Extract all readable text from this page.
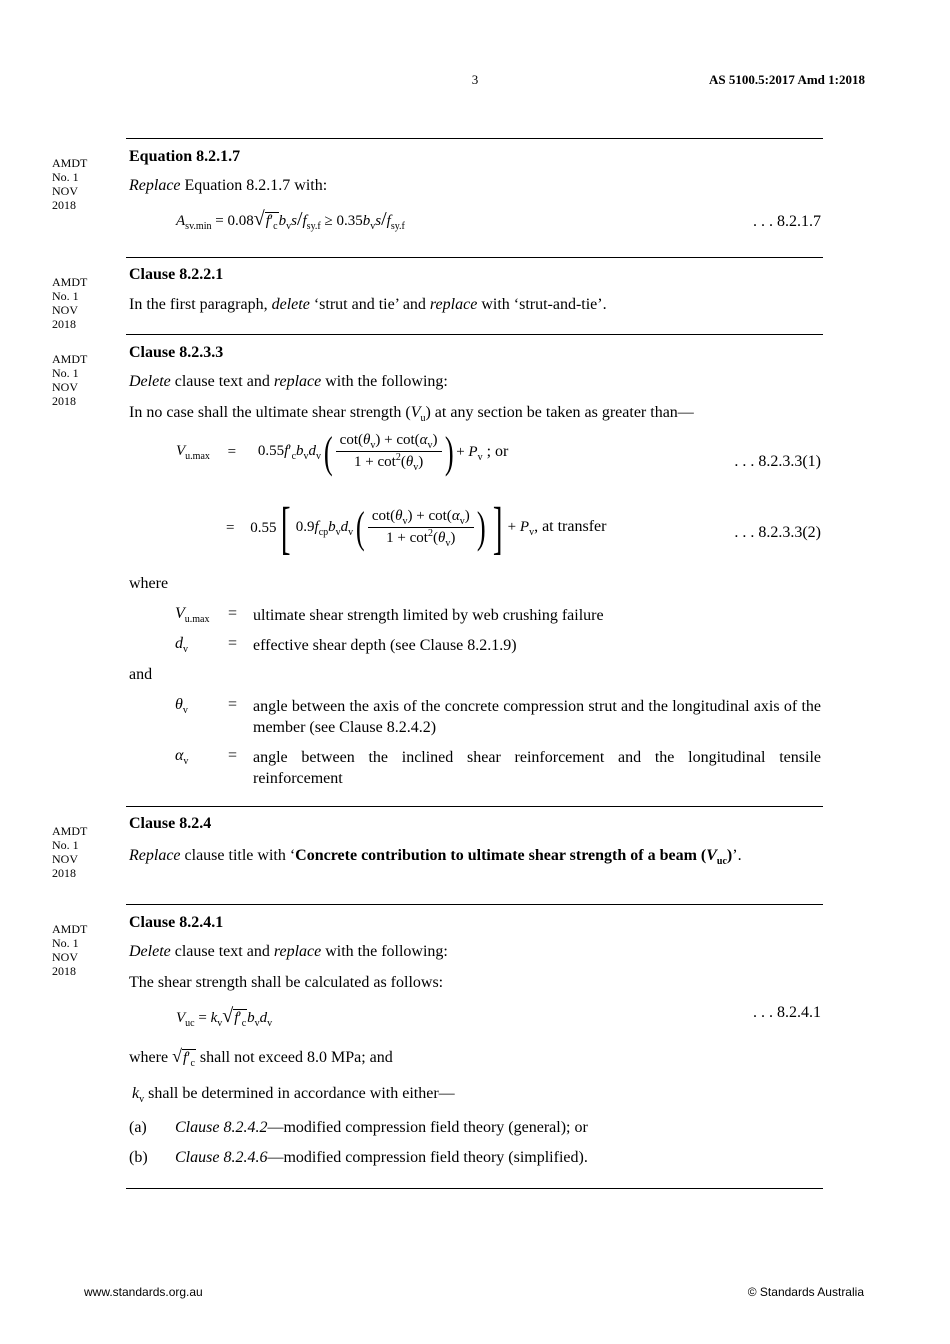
3	AS 5100.5:2017 Amd 1:2018
AMDT
No. 1
NOV
2018
AMDT
No. 1
NOV
2018
AMDT
No. 1
NOV
2018
AMDT
No. 1
NOV
2018
AMDT
No. 1
NOV
2018
Equation 8.2.1.7
Replace Equation 8.2.1.7 with:
$A_{sv.min} = 0.08√f'_cb_vs/f_{sy.f} \ge 0.35b_vs/f_{sy.f}$	. . . 8.2.1.7
Clause 8.2.2.1
In the first paragraph, delete ‘strut and tie’ and replace with ‘strut-and-tie’.
Clause 8.2.3.3
Delete clause text and replace with the following:
In no case shall the ultimate shear strength $(V_u)$ at any section be taken as greater than—
$V_{u.max} = 0.55f'_cb_vd_v( \frac{\cot(\theta_v) + \cot(\alpha_v)}{1 + \cot^2(\theta_v)}$ ) + $P_v$ ; or
. . . 8.2.3.3(1)
= 0.55[ $0.9f_{cp}b_vd_v( \frac{\cot(\theta_v) + \cot(\alpha_v)}{1 + \cot^2(\theta_v)}$ ) ] + $P_v$, at transfer	. . . 8.2.3.3(2)
where
$V_{u.max}$ = ultimate shear strength limited by web crushing failure
$d_v$	= effective shear depth (see Clause 8.2.1.9)
and
$\theta_v$	= angle between the axis of the concrete compression strut and the longitudinal axis of the member (see Clause 8.2.4.2)
$\alpha_v$ = angle between the inclined shear reinforcement and the longitudinal tensile reinforcement
Clause 8.2.4
Replace clause title with ‘Concrete contribution to ultimate shear strength of a beam $(V_{uc})$’.
Clause 8.2.4.1
Delete clause text and replace with the following:
The shear strength shall be calculated as follows:
$V_{uc} = k_v√f'_cb_vd_v$
. . . 8.2.4.1
where $√f'_c$ shall not exceed 8.0 MPa; and
$k_v$ shall be determined in accordance with either—
(a) Clause 8.2.4.2—modified compression field theory (general); or
(b) Clause 8.2.4.6—modified compression field theory (simplified).
www.standards.org.au	© Standards Australia
